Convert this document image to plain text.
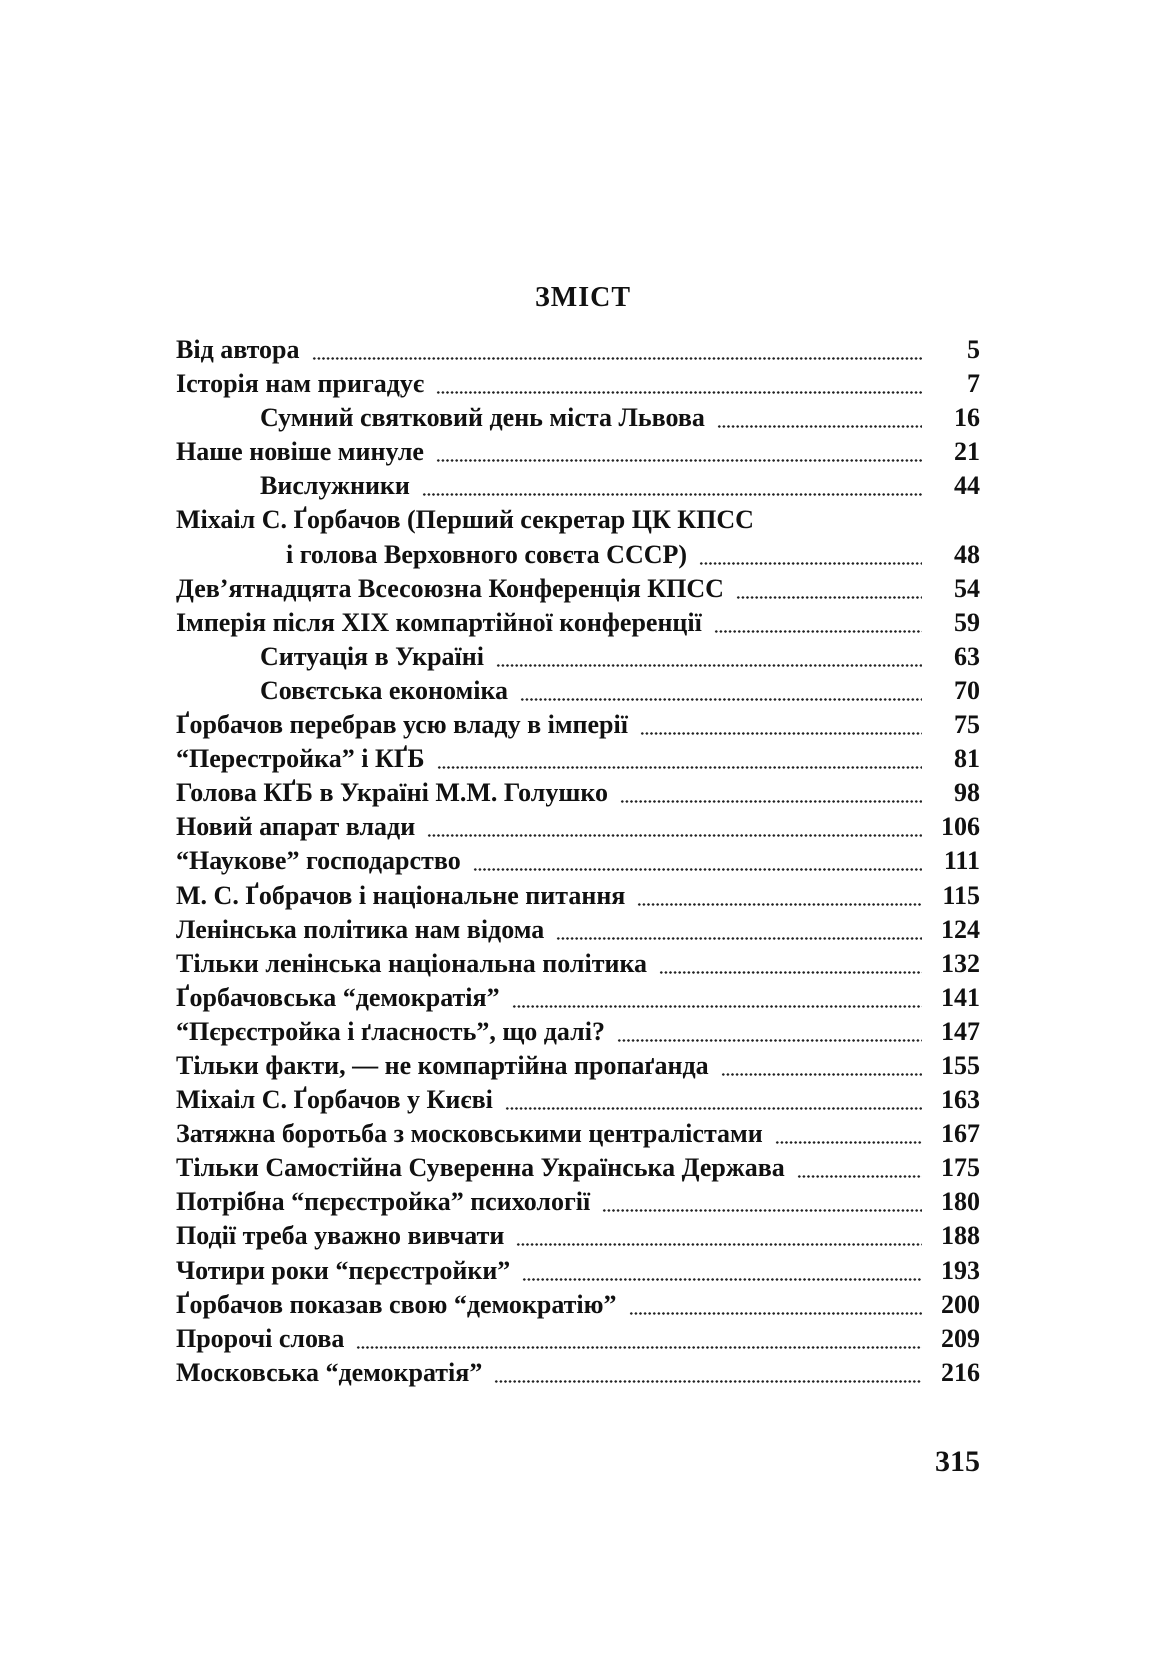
ЗМІСТ
Від автора	5
Історія нам пригадує	7
Сумний святковий день міста Львова	16
Наше новіше минуле	21
Вислужники	44
Міхаіл С. Ґорбачов (Перший секретар ЦК КПСС
і голова Верховного совєта СССР)	48
Дев’ятнадцята Всесоюзна Конференція КПСС	54
Імперія після XIX компартійної конференції	59
Ситуація в Україні	63
Совєтська економіка	70
Ґорбачов перебрав усю владу в імперії	75
“Перестройка” і КҐБ	81
Голова КҐБ в Україні М.М. Голушко	98
Новий апарат влади	106
“Наукове” господарство	111
М. С. Ґобрачов і національне питання	115
Ленінська політика нам відома	124
Тільки ленінська національна політика	132
Ґорбачовська “демократія”	141
“Пєрєстройка і ґласность”, що далі?	147
Тільки факти, — не компартійна пропаґанда	155
Міхаіл С. Ґорбачов у Києві	163
Затяжна боротьба з московськими централістами	167
Тільки Самостійна Суверенна Українська Держава	175
Потрібна “пєрєстройка” психології	180
Події треба уважно вивчати	188
Чотири роки “пєрєстройки”	193
Ґорбачов показав свою “демократію”	200
Пророчі слова	209
Московська “демократія”	216
315
